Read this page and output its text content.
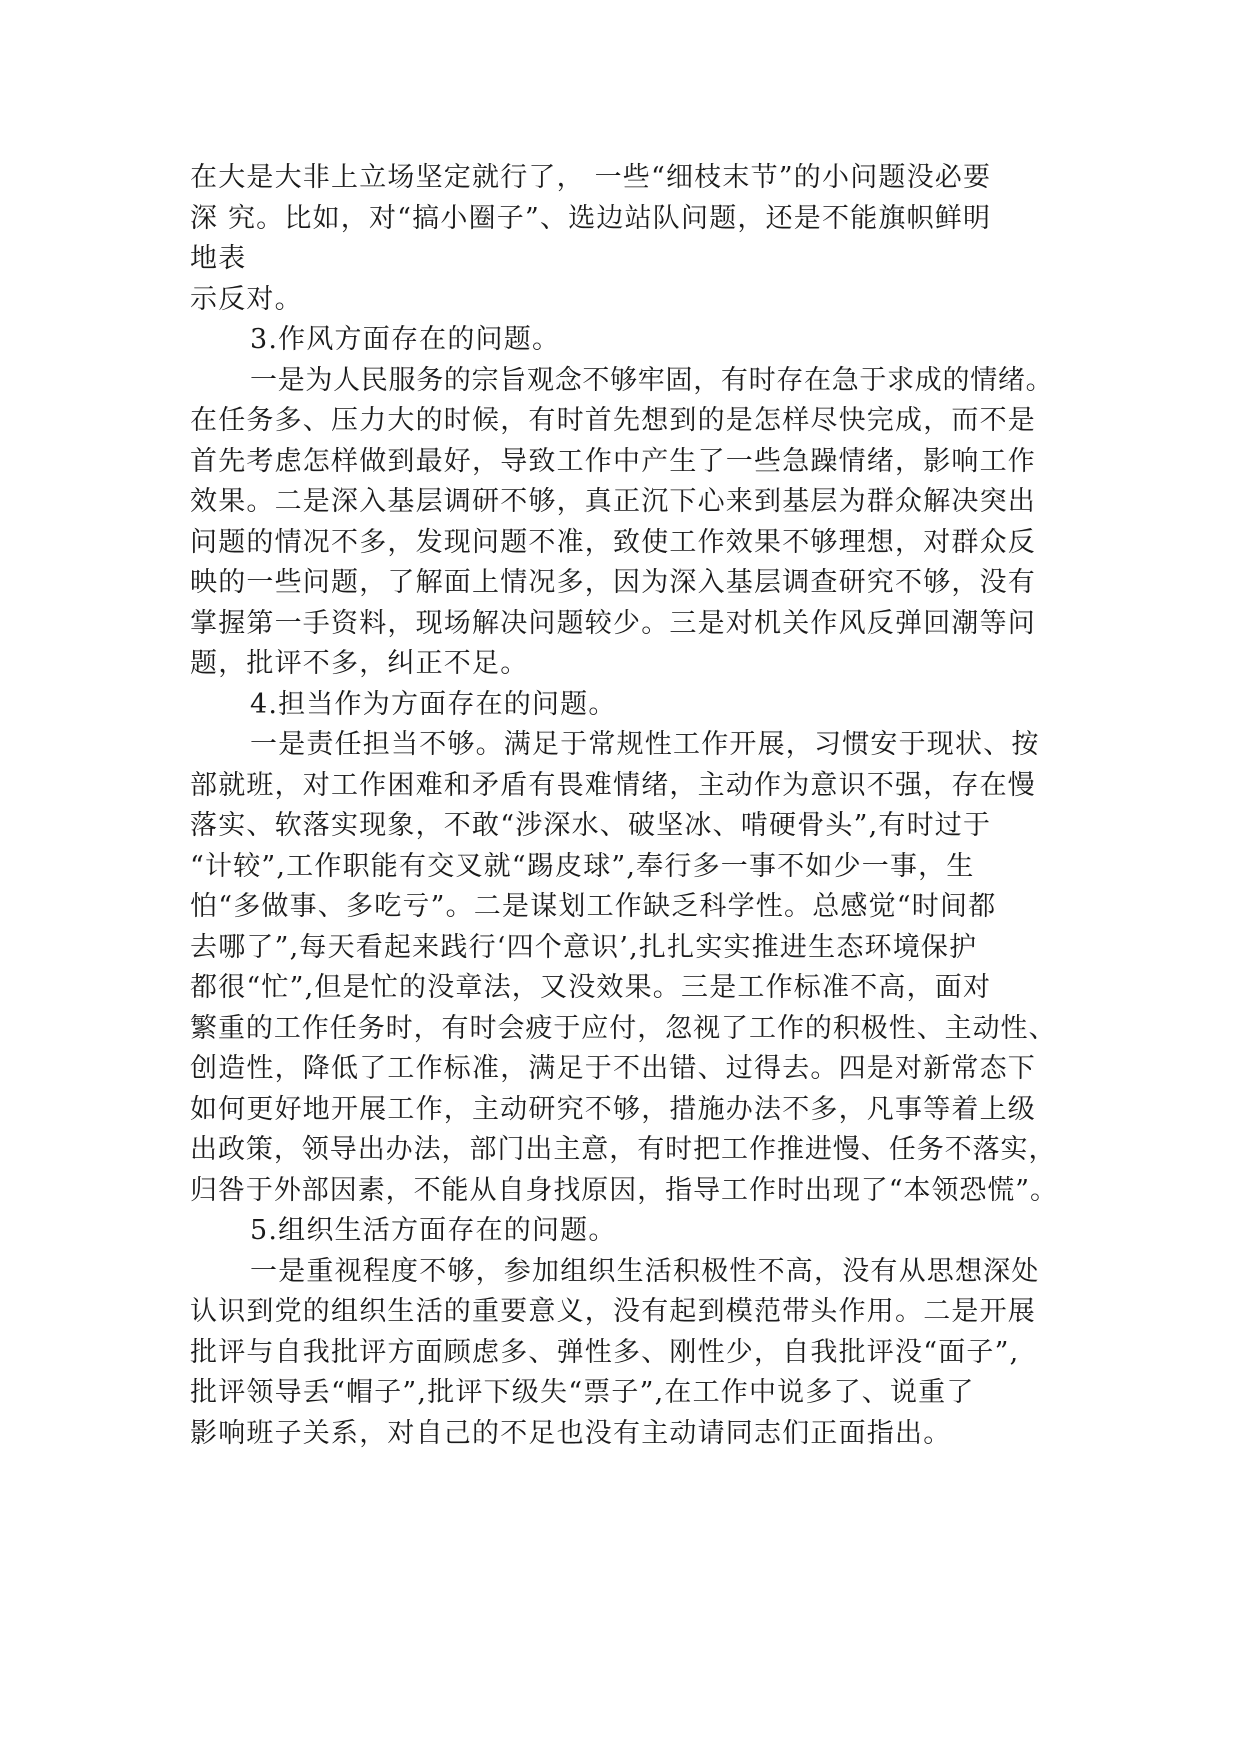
在大是大非上立场坚定就行了， 一些“细枝末节”的小问题没必要
深 究。比如，对“搞小圈子”、选边站队问题，还是不能旗帜鲜明
地表
示反对。
3.作风方面存在的问题。
一是为人民服务的宗旨观念不够牢固，有时存在急于求成的情绪。
在任务多、压力大的时候，有时首先想到的是怎样尽快完成，而不是
首先考虑怎样做到最好，导致工作中产生了一些急躁情绪，影响工作
效果。二是深入基层调研不够，真正沉下心来到基层为群众解决突出
问题的情况不多，发现问题不准，致使工作效果不够理想，对群众反
映的一些问题，了解面上情况多，因为深入基层调查研究不够，没有
掌握第一手资料，现场解决问题较少。三是对机关作风反弹回潮等问
题，批评不多，纠正不足。
4.担当作为方面存在的问题。
一是责任担当不够。满足于常规性工作开展，习惯安于现状、按
部就班，对工作困难和矛盾有畏难情绪，主动作为意识不强，存在慢
落实、软落实现象，不敢“涉深水、破坚冰、啃硬骨头”,有时过于
“计较”,工作职能有交叉就“踢皮球”,奉行多一事不如少一事，生
怕“多做事、多吃亏”。二是谋划工作缺乏科学性。总感觉“时间都
去哪了”,每天看起来践行‘四个意识’,扎扎实实推进生态环境保护
都很“忙”,但是忙的没章法，又没效果。三是工作标准不高，面对
繁重的工作任务时，有时会疲于应付，忽视了工作的积极性、主动性、
创造性，降低了工作标准，满足于不出错、过得去。四是对新常态下
如何更好地开展工作，主动研究不够，措施办法不多，凡事等着上级
出政策，领导出办法，部门出主意，有时把工作推进慢、任务不落实，
归咎于外部因素，不能从自身找原因，指导工作时出现了“本领恐慌”。
5.组织生活方面存在的问题。
一是重视程度不够，参加组织生活积极性不高，没有从思想深处
认识到党的组织生活的重要意义，没有起到模范带头作用。二是开展
批评与自我批评方面顾虑多、弹性多、刚性少，自我批评没“面子”,
批评领导丢“帽子”,批评下级失“票子”,在工作中说多了、说重了
影响班子关系，对自己的不足也没有主动请同志们正面指出。
